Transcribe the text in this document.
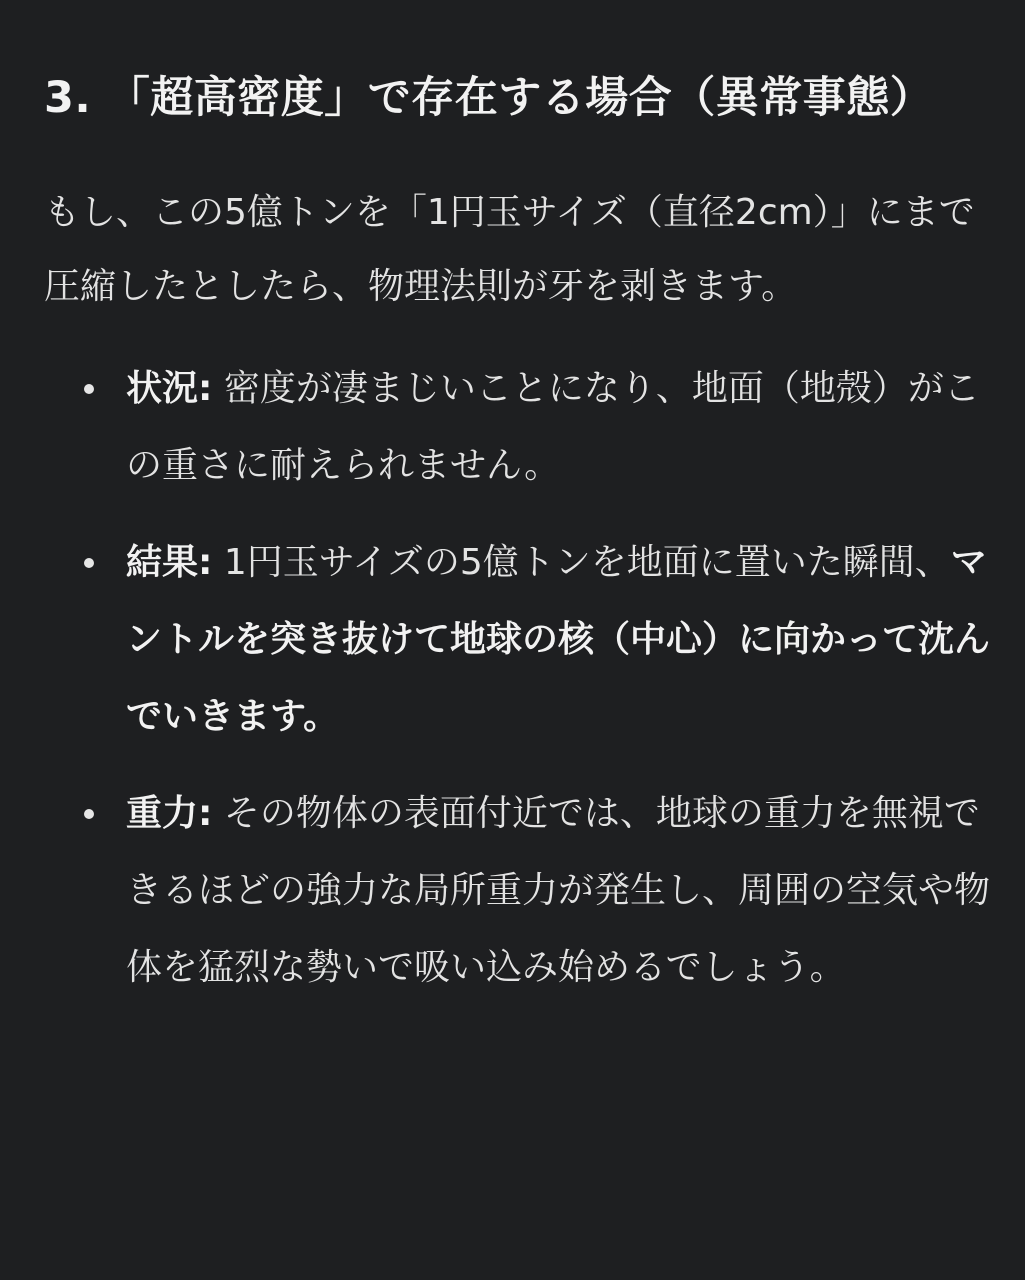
3. 「超高密度」で存在する場合（異常事態）

もし、この5億トンを「1円玉サイズ（直径2cm）」にまで圧縮したとしたら、物理法則が牙を剥きます。

状況: 密度が凄まじいことになり、地面（地殻）がこの重さに耐えられません。
結果: 1円玉サイズの5億トンを地面に置いた瞬間、マントルを突き抜けて地球の核（中心）に向かって沈んでいきます。
重力: その物体の表面付近では、地球の重力を無視できるほどの強力な局所重力が発生し、周囲の空気や物体を猛烈な勢いで吸い込み始めるでしょう。
